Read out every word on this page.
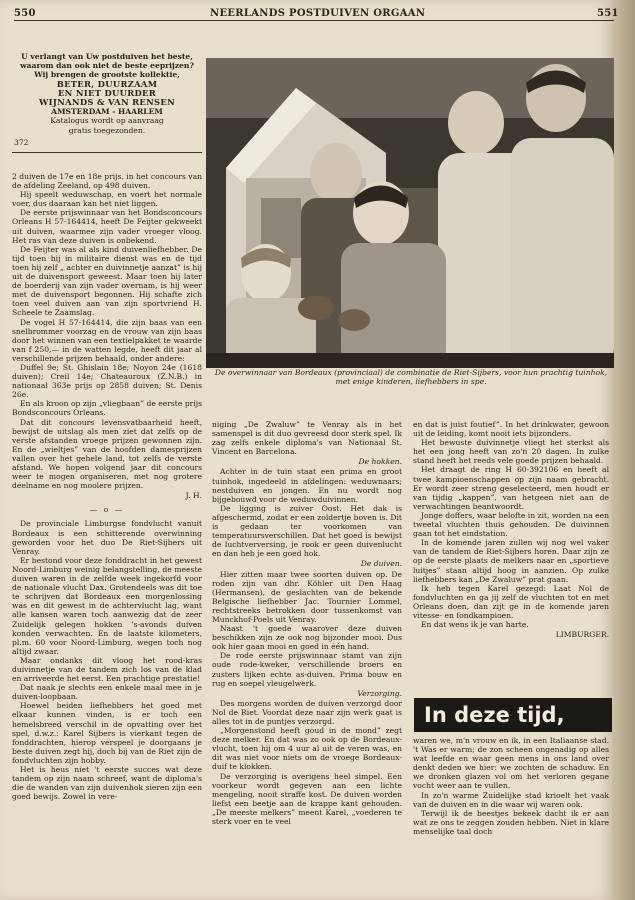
550	NEERLANDS POSTDUIVEN ORGAAN	551
U verlangt van Uw postduiven het beste,
waarom dan ook niet de beste eeprijzen?
Wij brengen de grootste kollektie,
BETER, DUURZAAM
EN NIET DUURDER
WIJNANDS & VAN RENSEN
AMSTERDAM - HAARLEM
Katalogus wordt op aanvraag
gratis toegezonden.
372
De overwinnaar van Bordeaux (provinciaal) de combinatie de Riet-Sijbers, voor hun prachtig tuinhok, met enige kinderen, liefhebbers in spe.

2 duiven de 17e en 18e prijs, in het concours van de afdeling Zeeland, op 498 duiven.

Hij speelt weduwschap, en voert het normale voer, dus daaraan kan het niet liggen.

De eerste prijswinnaar van het Bondsconcours Orleans H 57-164414, heeft De Feijter gekweekt uit duiven, waarmee zijn vader vroeger vloog. Het ras van deze duiven is onbekend.

De Feijter was al als kind duivenliefhebber. De tijd toen hij in militaire dienst was en de tijd toen hij zelf „ achter en duivinnetje aanzat” is hij uit de duivensport geweest. Maar toen hij later de boerderij van zijn vader overnam, is hij weer met de duivensport begonnen. Hij schafte zich toen veel duiven aan van zijn sportvriend H. Scheele te Zaamslag.

De vogel H 57-164414, die zijn baas van een snelbrommer voorzag en de vrouw van zijn baas door het winnen van een textielpakket te waarde van f 250,— in de watten legde, heeft dit jaar al verschillende prijzen behaald, onder andere:

Duffel 9e; St. Ghislain 18e; Noyon 24e (1618 duiven); Creil 14e; Chateauroux (Z.N.B.) in nationaal 363e prijs op 2858 duiven; St. Denis 26e.

En als kroon op zijn „vliegbaan” de eerste prijs Bondsconcours Orleans.

Dat dit concours levensvatbaarheid heeft, bewijst de uitslag als men ziet dat zelfs op de verste afstanden vroege prijzen gewonnen zijn. En de „wieltjes” van de hoofden damesprijzen vallen over het gehele land, tot zelfs de verste afstand. We hopen volgend jaar dit concours weer te mogen organiseren, met nog grotere deelname en nog moolere prijzen.

J. H.
— o —

De provinciale Limburgse fondvlucht vanuit Bordeaux is een schitterende overwinning geworden voor het duo De Riet-Sijbers uit Venray.

Er bestond voor deze fonddracht in het gewest Noord-Limburg weinig belangstelling, de meeste duiven waren in de zelfde week ingekorfd voor de nationale vlucht Dax. Grotendeels was dit toe te schrijven dat Bordeaux een morgenlossing was en dit gewest in de achtervlucht lag, want alle kansen waren toch aanwezig dat de zeer Zuidelijk gelegen hokken 's-avonds duiven konden verwachten. En de laatste kilometers, pl.m. 60 voor Noord-Limburg, wegen toch nog altijd zwaar.

Maar ondanks dit vloog het rood-kras duivinnetje van de tandem zich los van de klad en arriveerde het eerst. Een prachtige prestatie!

Dat naak je slechts een enkele maal mee in je duiven-loopbaan.

Hoewel beiden liefhebbers het goed met elkaar kunnen vinden, is er toch een hemelsbreed verschil in de opvatting over het spel, d.w.z.: Karel Sijbers is vierkant tegen de fonddrachten, hierop verspeel je doorgaans je beste duiven zegt hij, doch bij van de Riet zijn de fondvluchten zijn hobby.

Het is heus niet 't eerste succes wat deze tandem op zijn naam schreef, want de diploma's die de wanden van zijn duivenhok sieren zijn een goed bewijs. Zowel in vere-

niging „De Zwaluw” te Venray als in het samenspel is dit duo gevreesd door sterk spel. Ik zag zelfs enkele diploma's van Nationaal St. Vincent en Barcelona.

De hokken.

Achter in de tuin staat een prima en groot tuinhok, ingedeeld in afdelingen: weduwnaars; nestduiven en jongen. En nu wordt nog bijgebouwd voor de weduwduivinnen.

De ligging is zuiver Oost. Het dak is afgeschermd, zodat er een zoldertje boven is. Dit is gedaan ter voorkomen van temperatuursverschillen. Dat het goed is bewijst de luchtverversing, je rook er geen duivenlucht en dan heb je een goed hok.

De duiven.

Hier zitten maar twee soorten duiven op. De roden zijn van dhr. Köhler uit Den Haag (Hermansen), de geslachten van de bekende Belgische liefhebber Jac. Tournier Lommel, rechtstreeks betrokken door tussenkomst van Munckhof-Poels uit Venray.

Naast 't goede waarover deze duiven beschikken zijn ze ook nog bijzonder mooi. Dus ook hier gaan mooi en goed in één hand.

De rode eerste prijswinnaar stamt van zijn oude rode-kweker, verschillende broers en zusters lijken echte as-duiven. Prima bouw en rug en soepel vleugelwerk.

Verzorging.

Des morgens worden de duiven verzorgd door Nol de Riet. Voordat deze naar zijn werk gaat is alles tot in de puntjes verzorgd.

„Morgenstond heeft goud in de mond” zegt deze melker. En dat was zo ook op de Bordeaux-vlucht, toen hij om 4 uur al uit de veren was, en dit was niet voor niets om de vroege Bordeaux-duif te klokken.

De verzorging is overigens heel simpel. Een voorkeur wordt gegeven aan een lichte mengeling, nooit straffe kost. De duiven worden liefst een beetje aan de krappe kant gehouden. „De meeste melkers” meent Karel, „voederen te sterk voer en te veel

en dat is juist foutief”. In het drinkwater, gewoon uit de leiding, komt nooit iets bijzonders.

Het bewuste duivinnetje vliegt het sterkst als het een jong heeft van zo'n 20 dagen. In zulke stand heeft het reeds vele goede prijzen behaald.

Het draagt de ring H 60-392106 en heeft al twee kampioenschappen op zijn naam gebracht. Er wordt zeer streng geselecteerd, men houdt er van tijdig „kappen”, van hetgeen niet aan de verwachtingen beantwoordt.

Jonge doffers, waar belofte in zit, worden na een tweetal vluchten thuis gehouden. De duivinnen gaan tot het eindstation.

In de komende jaren zullen wij nog wel vaker van de tandem de Riet-Sijbers horen. Daar zijn ze op de eerste plaats de melkers naar en „sportieve luitjes” staan altijd hoog in aanzien. Op zulke liefhebbers kan „De Zwaluw” prat gaan.

Ik heb tegen Karel gezegd: Laat Nol de fondvluchten en ga jij zelf de vluchten tot en met Orleans doen, dan zijt ge in de komende jaren vitesse- en fondkampioen.

En dat wens ik je van harte.

LIMBURGER.
In deze tijd,

waren we, m'n vrouw en ik, in een Italiaanse stad. 't Was er warm; de zon scheen ongenadig op alles wat leefde en waar geen mens in ons land over denkt deden we hier: we zochten de schaduw. En we dronken glazen vol om het verloren gegane vocht weer aan te vullen.

In zo'n warme Zuidelijke stad krioelt het vaak van de duiven en in die waar wij waren ook.

Terwijl ik de beestjes bekeek dacht ik er aan wat ze ons te zeggen zouden hebben. Niet in klare menselijke taal doch
